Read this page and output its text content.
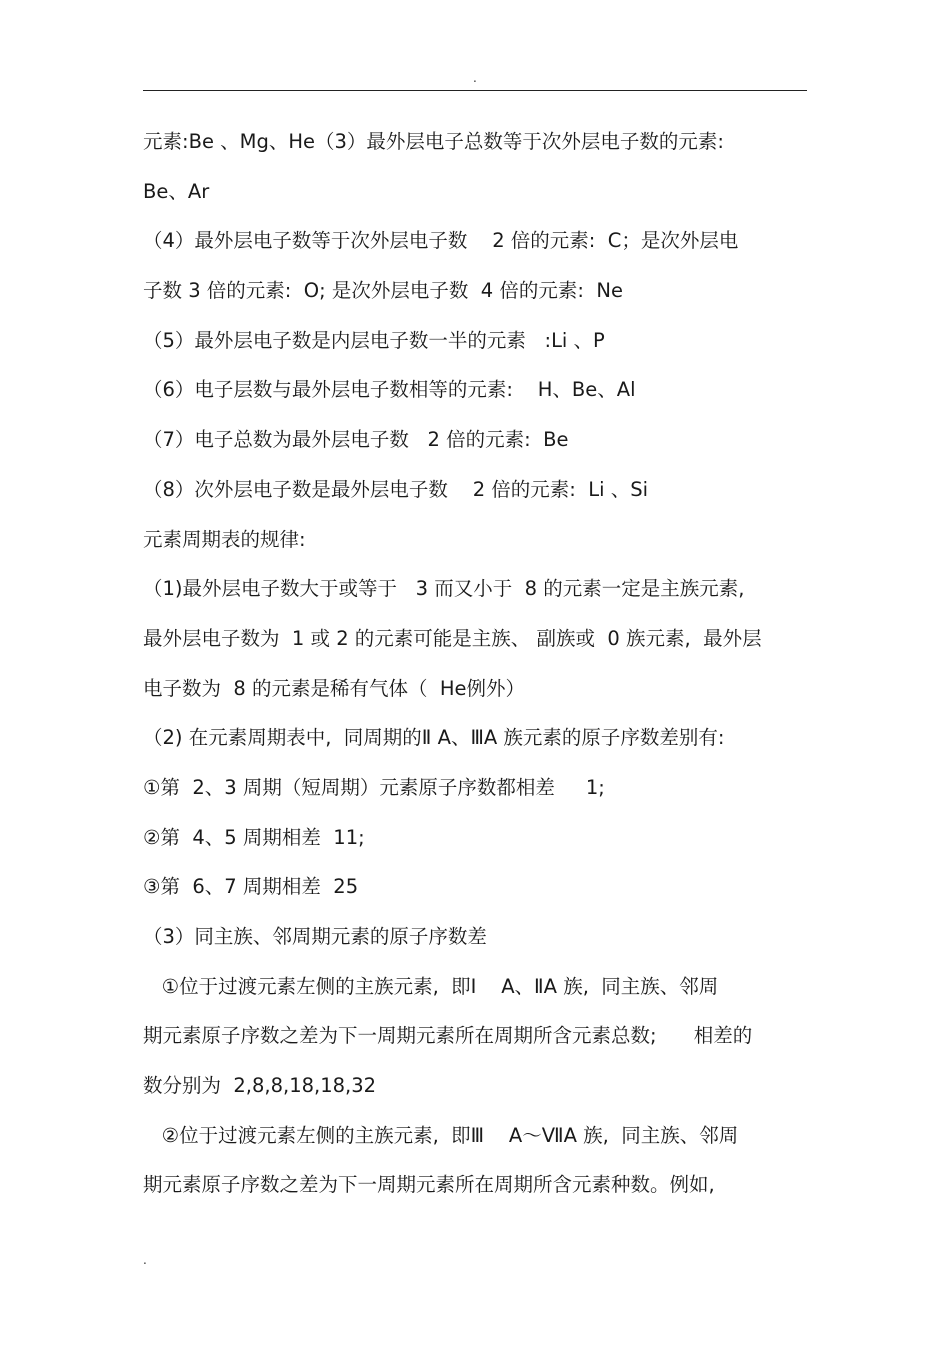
.
元素:Be 、Mg、He（3）最外层电子总数等于次外层电子数的元素:
Be、Ar
（4）最外层电子数等于次外层电子数    2 倍的元素:  C；是次外层电
子数 3 倍的元素:  O; 是次外层电子数  4 倍的元素:  Ne
（5）最外层电子数是内层电子数一半的元素   :Li 、P
（6）电子层数与最外层电子数相等的元素:    H、Be、Al
（7）电子总数为最外层电子数   2 倍的元素:  Be
（8）次外层电子数是最外层电子数    2 倍的元素:  Li 、Si
元素周期表的规律:
（1)最外层电子数大于或等于   3 而又小于  8 的元素一定是主族元素,
最外层电子数为  1 或 2 的元素可能是主族、 副族或  0 族元素,  最外层
电子数为  8 的元素是稀有气体（  He例外）
（2) 在元素周期表中,  同周期的Ⅱ A、ⅢA 族元素的原子序数差别有:
①第  2、3 周期（短周期）元素原子序数都相差     1;
②第  4、5 周期相差  11;
③第  6、7 周期相差  25
（3）同主族、邻周期元素的原子序数差
①位于过渡元素左侧的主族元素,  即Ⅰ    A、ⅡA 族,  同主族、邻周
期元素原子序数之差为下一周期元素所在周期所含元素总数;      相差的
数分别为  2,8,8,18,18,32
②位于过渡元素左侧的主族元素,  即Ⅲ    A～ⅦA 族,  同主族、邻周
期元素原子序数之差为下一周期元素所在周期所含元素种数。例如,
.
